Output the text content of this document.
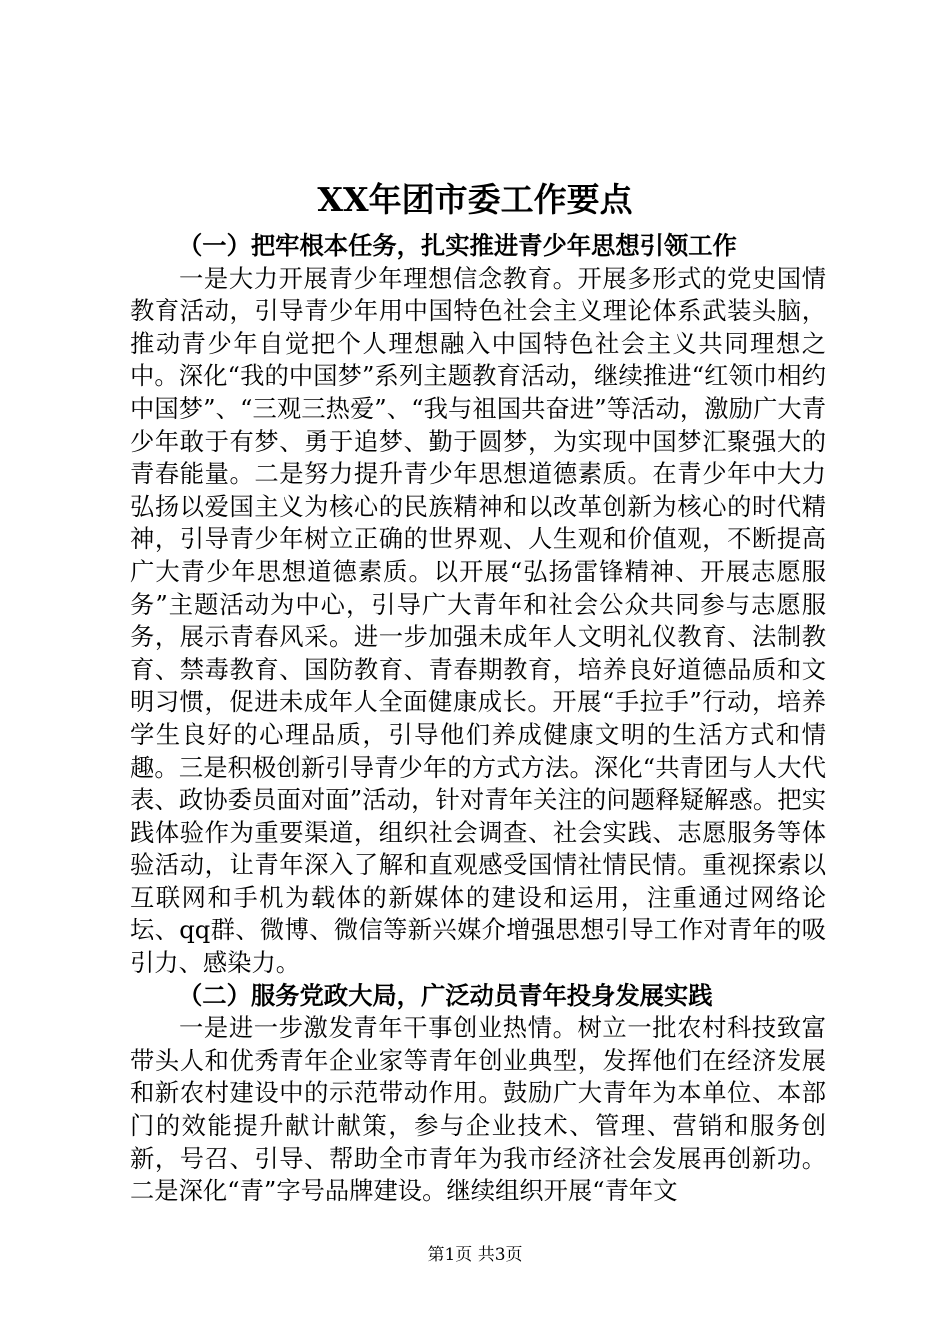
XX年团市委工作要点

（一）把牢根本任务，扎实推进青少年思想引领工作

一是大力开展青少年理想信念教育。开展多形式的党史国情教育活动，引导青少年用中国特色社会主义理论体系武装头脑，推动青少年自觉把个人理想融入中国特色社会主义共同理想之中。深化“我的中国梦”系列主题教育活动，继续推进“红领巾相约中国梦”、“三观三热爱”、“我与祖国共奋进”等活动，激励广大青少年敢于有梦、勇于追梦、勤于圆梦，为实现中国梦汇聚强大的青春能量。二是努力提升青少年思想道德素质。在青少年中大力弘扬以爱国主义为核心的民族精神和以改革创新为核心的时代精神，引导青少年树立正确的世界观、人生观和价值观，不断提高广大青少年思想道德素质。以开展“弘扬雷锋精神、开展志愿服务”主题活动为中心，引导广大青年和社会公众共同参与志愿服务，展示青春风采。进一步加强未成年人文明礼仪教育、法制教育、禁毒教育、国防教育、青春期教育，培养良好道德品质和文明习惯，促进未成年人全面健康成长。开展“手拉手”行动，培养学生良好的心理品质，引导他们养成健康文明的生活方式和情趣。三是积极创新引导青少年的方式方法。深化“共青团与人大代表、政协委员面对面”活动，针对青年关注的问题释疑解惑。把实践体验作为重要渠道，组织社会调查、社会实践、志愿服务等体验活动，让青年深入了解和直观感受国情社情民情。重视探索以互联网和手机为载体的新媒体的建设和运用，注重通过网络论坛、qq群、微博、微信等新兴媒介增强思想引导工作对青年的吸引力、感染力。

（二）服务党政大局，广泛动员青年投身发展实践

一是进一步激发青年干事创业热情。树立一批农村科技致富带头人和优秀青年企业家等青年创业典型，发挥他们在经济发展和新农村建设中的示范带动作用。鼓励广大青年为本单位、本部门的效能提升献计献策，参与企业技术、管理、营销和服务创新，号召、引导、帮助全市青年为我市经济社会发展再创新功。二是深化“青”字号品牌建设。继续组织开展“青年文

第1页 共3页
